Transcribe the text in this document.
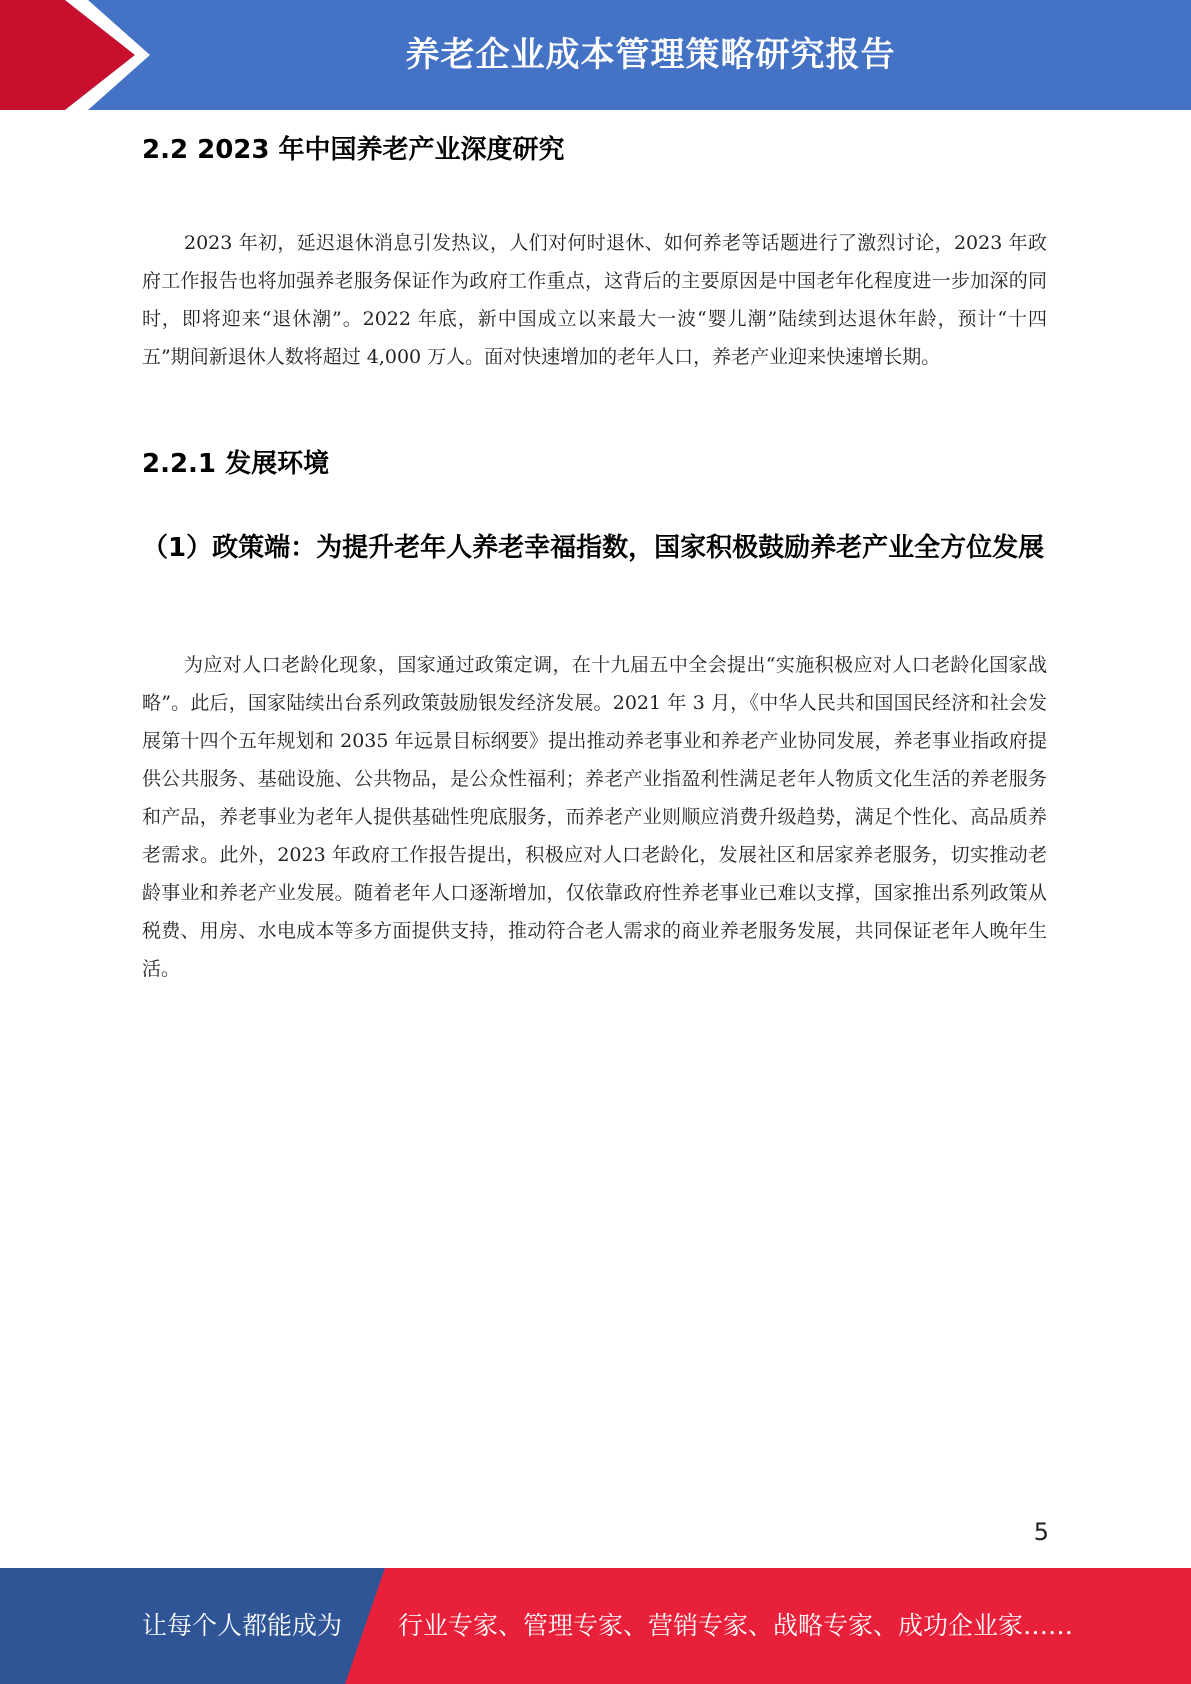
养老企业成本管理策略研究报告
2.2 2023 年中国养老产业深度研究

2023 年初，延迟退休消息引发热议，人们对何时退休、如何养老等话题进行了激烈讨论，2023 年政府工作报告也将加强养老服务保证作为政府工作重点，这背后的主要原因是中国老年化程度进一步加深的同时，即将迎来“退休潮”。2022 年底，新中国成立以来最大一波“婴儿潮”陆续到达退休年龄，预计“十四五”期间新退休人数将超过 4,000 万人。面对快速增加的老年人口，养老产业迎来快速增长期。

2.2.1 发展环境
（1）政策端：为提升老年人养老幸福指数，国家积极鼓励养老产业全方位发展

为应对人口老龄化现象，国家通过政策定调，在十九届五中全会提出“实施积极应对人口老龄化国家战略”。此后，国家陆续出台系列政策鼓励银发经济发展。2021 年 3 月，《中华人民共和国国民经济和社会发展第十四个五年规划和 2035 年远景目标纲要》提出推动养老事业和养老产业协同发展，养老事业指政府提供公共服务、基础设施、公共物品，是公众性福利；养老产业指盈利性满足老年人物质文化生活的养老服务和产品，养老事业为老年人提供基础性兜底服务，而养老产业则顺应消费升级趋势，满足个性化、高品质养老需求。此外，2023 年政府工作报告提出，积极应对人口老龄化，发展社区和居家养老服务，切实推动老龄事业和养老产业发展。随着老年人口逐渐增加，仅依靠政府性养老事业已难以支撑，国家推出系列政策从税费、用房、水电成本等多方面提供支持，推动符合老人需求的商业养老服务发展，共同保证老年人晚年生活。

5
让每个人都能成为 行业专家、管理专家、营销专家、战略专家、成功企业家……
